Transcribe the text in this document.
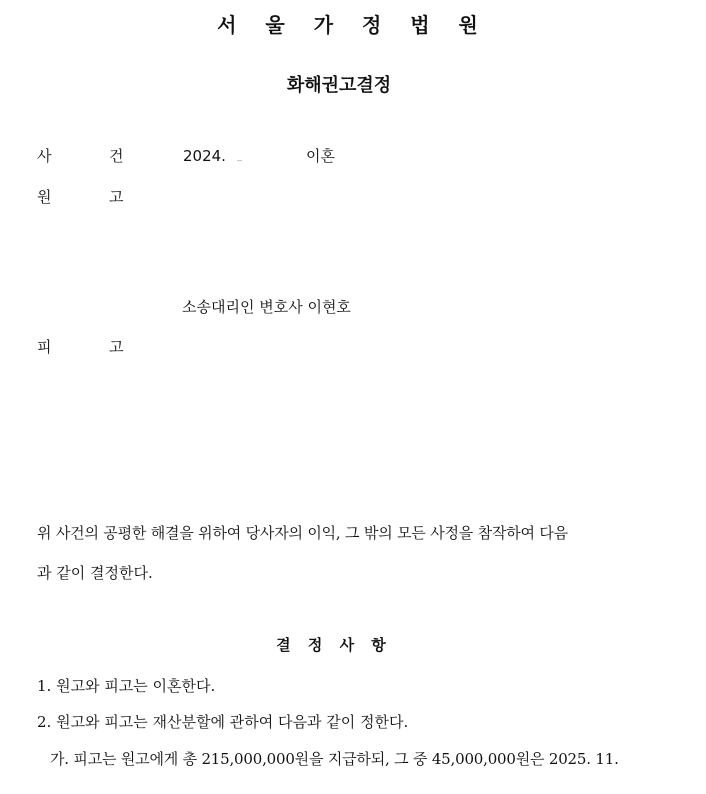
서 울 가 정 법 원
화해권고결정
사	건	2024.	이혼
원	고
소송대리인 변호사 이현호
피	고
위 사건의 공평한 해결을 위하여 당사자의 이익, 그 밖의 모든 사정을 참작하여 다음
과 같이 결정한다.
결 정 사 항
1. 원고와 피고는 이혼한다.
2. 원고와 피고는 재산분할에 관하여 다음과 같이 정한다.
가. 피고는 원고에게 총 215,000,000원을 지급하되, 그 중 45,000,000원은 2025. 11.
